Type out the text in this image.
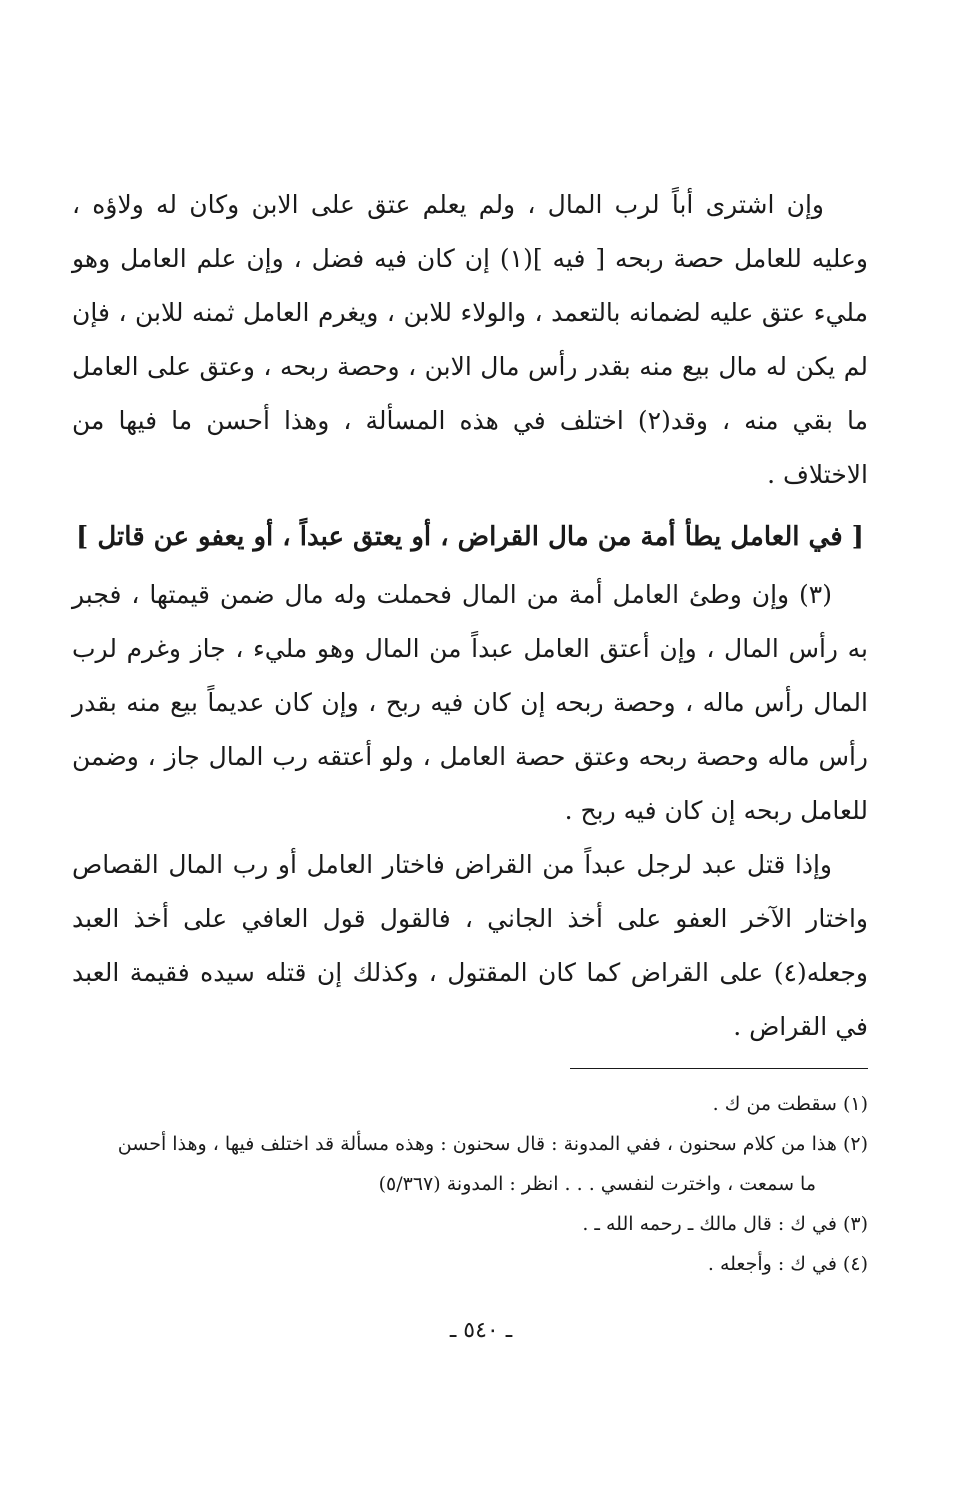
وإن اشترى أباً لرب المال ، ولم يعلم عتق على الابن وكان له ولاؤه ، وعليه للعامل حصة ربحه [ فيه ](١) إن كان فيه فضل ، وإن علم العامل وهو مليء عتق عليه لضمانه بالتعمد ، والولاء للابن ، ويغرم العامل ثمنه للابن ، فإن لم يكن له مال بيع منه بقدر رأس مال الابن ، وحصة ربحه ، وعتق على العامل ما بقي منه ، وقد(٢) اختلف في هذه المسألة ، وهذا أحسن ما فيها من الاختلاف .

[ في العامل يطأ أمة من مال القراض ، أو يعتق عبداً ، أو يعفو عن قاتل ]

(٣) وإن وطئ العامل أمة من المال فحملت وله مال ضمن قيمتها ، فجبر به رأس المال ، وإن أعتق العامل عبداً من المال وهو مليء ، جاز وغرم لرب المال رأس ماله ، وحصة ربحه إن كان فيه ربح ، وإن كان عديماً بيع منه بقدر رأس ماله وحصة ربحه وعتق حصة العامل ، ولو أعتقه رب المال جاز ، وضمن للعامل ربحه إن كان فيه ربح .

وإذا قتل عبد لرجل عبداً من القراض فاختار العامل أو رب المال القصاص واختار الآخر العفو على أخذ الجاني ، فالقول قول العافي على أخذ العبد وجعله(٤) على القراض كما كان المقتول ، وكذلك إن قتله سيده فقيمة العبد في القراض .

(١) سقطت من ك .

(٢) هذا من كلام سحنون ، ففي المدونة : قال سحنون : وهذه مسألة قد اختلف فيها ، وهذا أحسن

ما سمعت ، واخترت لنفسي . . . انظر : المدونة (٥/٣٦٧)

(٣) في ك : قال مالك ـ رحمه الله ـ .

(٤) في ك : وأجعله .

ـ ٥٤٠ ـ
